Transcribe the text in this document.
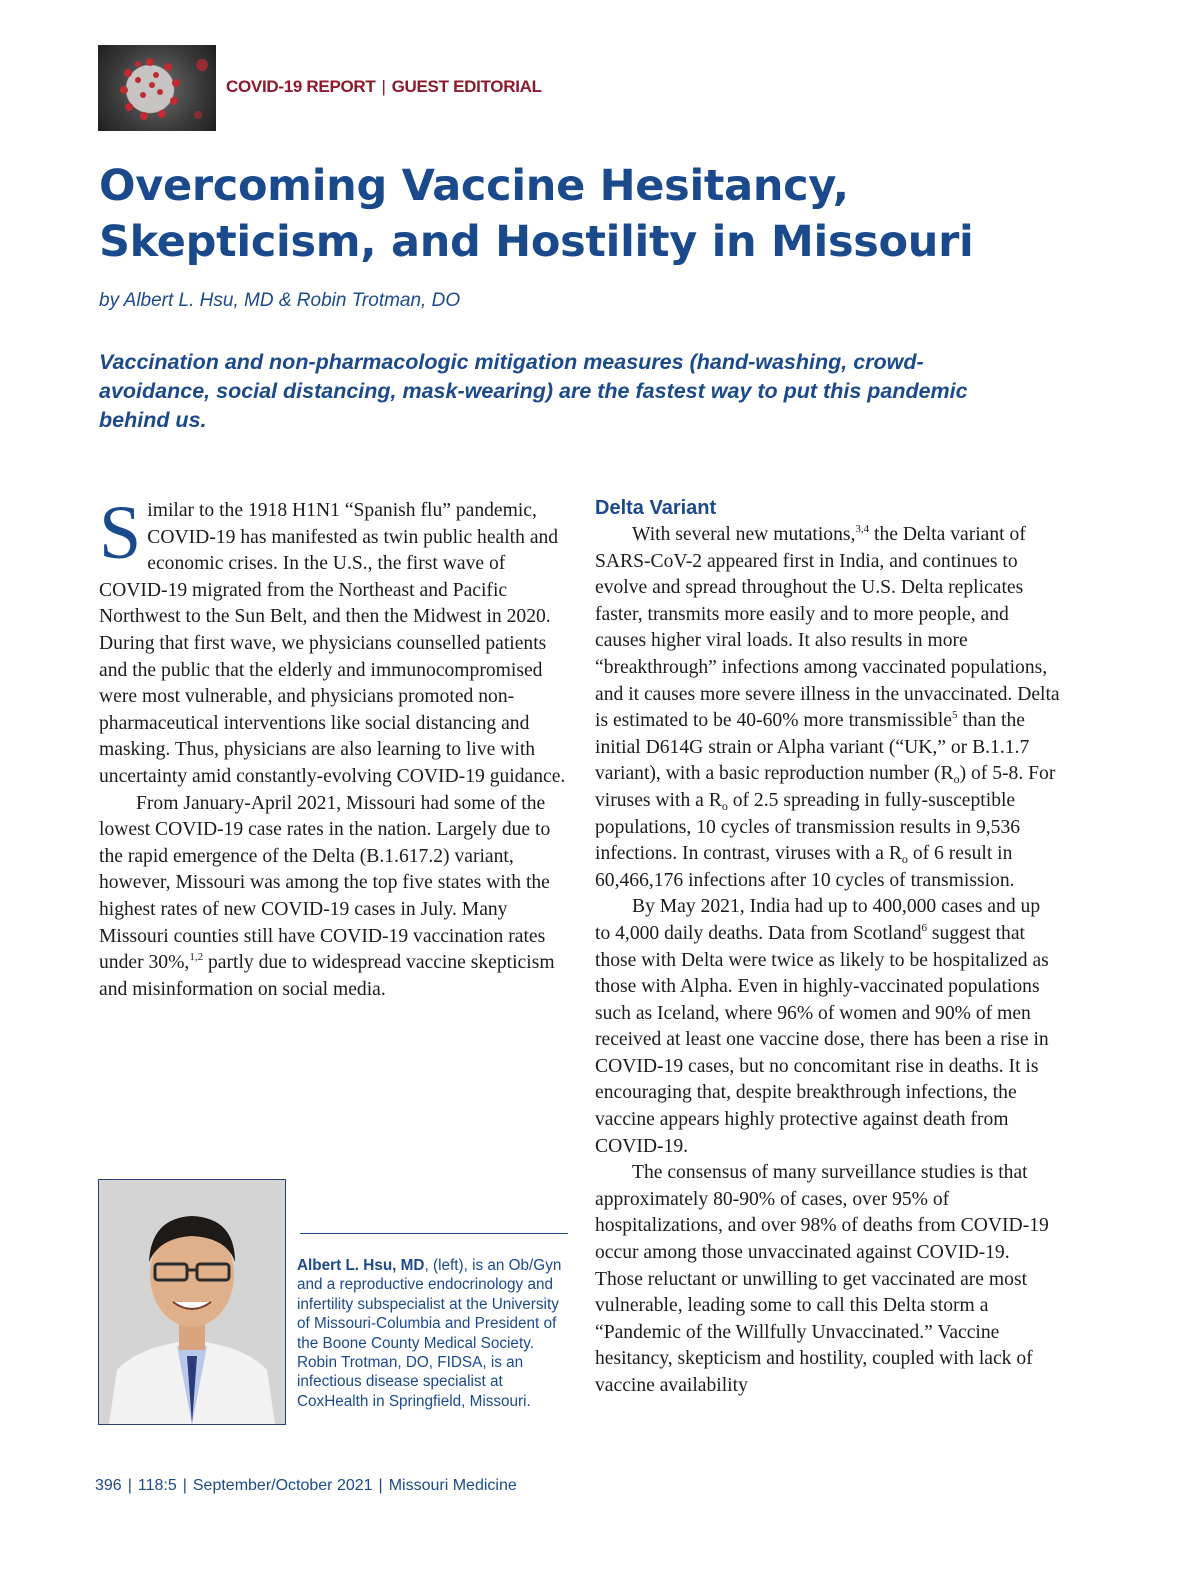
COVID-19 REPORT | GUEST EDITORIAL
Overcoming Vaccine Hesitancy,
Skepticism, and Hostility in Missouri
by Albert L. Hsu, MD & Robin Trotman, DO

Vaccination and non-pharmacologic mitigation measures (hand-washing, crowd-avoidance, social distancing, mask-wearing) are the fastest way to put this pandemic behind us.

Similar to the 1918 H1N1 “Spanish flu” pandemic, COVID-19 has manifested as twin public health and economic crises. In the U.S., the first wave of COVID-19 migrated from the Northeast and Pacific Northwest to the Sun Belt, and then the Midwest in 2020. During that first wave, we physicians counselled patients and the public that the elderly and immunocompromised were most vulnerable, and physicians promoted non-pharmaceutical interventions like social distancing and masking. Thus, physicians are also learning to live with uncertainty amid constantly-evolving COVID-19 guidance.

From January-April 2021, Missouri had some of the lowest COVID-19 case rates in the nation. Largely due to the rapid emergence of the Delta (B.1.617.2) variant, however, Missouri was among the top five states with the highest rates of new COVID-19 cases in July. Many Missouri counties still have COVID-19 vaccination rates under 30%,$^{1,2}$ partly due to widespread vaccine skepticism and misinformation on social media.

Albert L. Hsu, MD, (left), is an Ob/Gyn and a reproductive endocrinology and infertility subspecialist at the University of Missouri-Columbia and President of the Boone County Medical Society. Robin Trotman, DO, FIDSA, is an infectious disease specialist at CoxHealth in Springfield, Missouri.

Delta Variant

With several new mutations,$^{3,4}$ the Delta variant of SARS-CoV-2 appeared first in India, and continues to evolve and spread throughout the U.S. Delta replicates faster, transmits more easily and to more people, and causes higher viral loads. It also results in more “breakthrough” infections among vaccinated populations, and it causes more severe illness in the unvaccinated. Delta is estimated to be 40-60% more transmissible$^5$ than the initial D614G strain or Alpha variant (“UK,” or B.1.1.7 variant), with a basic reproduction number $(R_o)$ of 5-8. For viruses with a $R_o$ of 2.5 spreading in fully-susceptible populations, 10 cycles of transmission results in 9,536 infections. In contrast, viruses with a $R_o$ of 6 result in 60,466,176 infections after 10 cycles of transmission.

By May 2021, India had up to 400,000 cases and up to 4,000 daily deaths. Data from Scotland$^6$ suggest that those with Delta were twice as likely to be hospitalized as those with Alpha. Even in highly-vaccinated populations such as Iceland, where 96% of women and 90% of men received at least one vaccine dose, there has been a rise in COVID-19 cases, but no concomitant rise in deaths. It is encouraging that, despite breakthrough infections, the vaccine appears highly protective against death from COVID-19.

The consensus of many surveillance studies is that approximately 80-90% of cases, over 95% of hospitalizations, and over 98% of deaths from COVID-19 occur among those unvaccinated against COVID-19. Those reluctant or unwilling to get vaccinated are most vulnerable, leading some to call this Delta storm a “Pandemic of the Willfully Unvaccinated.” Vaccine hesitancy, skepticism and hostility, coupled with lack of vaccine availability

396 | 118:5 | September/October 2021 | Missouri Medicine
